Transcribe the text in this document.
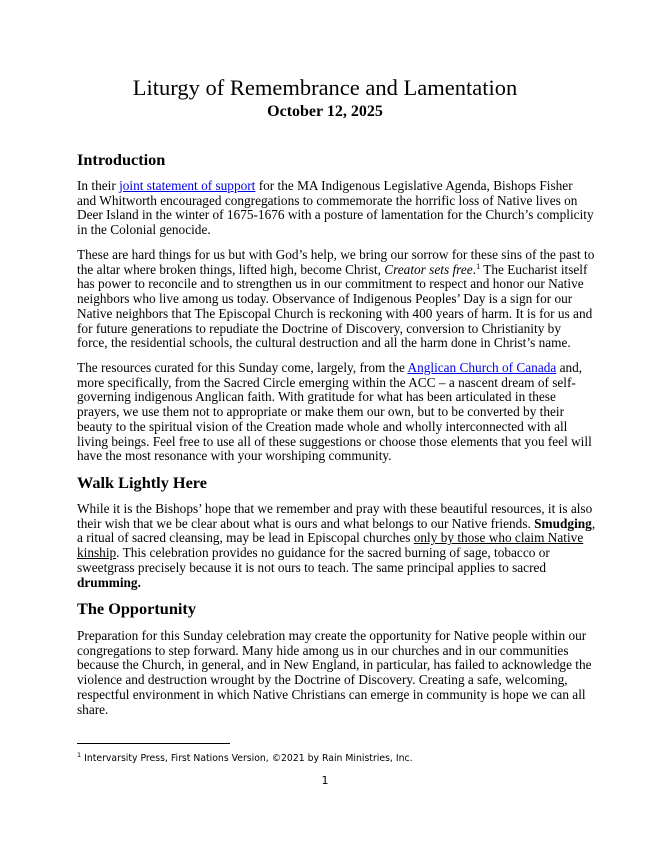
Liturgy of Remembrance and Lamentation
October 12, 2025
Introduction
In their joint statement of support for the MA Indigenous Legislative Agenda, Bishops Fisher
and Whitworth encouraged congregations to commemorate the horrific loss of Native lives on
Deer Island in the winter of 1675-1676 with a posture of lamentation for the Church’s complicity
in the Colonial genocide.
These are hard things for us but with God’s help, we bring our sorrow for these sins of the past to
the altar where broken things, lifted high, become Christ, Creator sets free.$^1$ The Eucharist itself
has power to reconcile and to strengthen us in our commitment to respect and honor our Native
neighbors who live among us today. Observance of Indigenous Peoples’ Day is a sign for our
Native neighbors that The Episcopal Church is reckoning with 400 years of harm. It is for us and
for future generations to repudiate the Doctrine of Discovery, conversion to Christianity by
force, the residential schools, the cultural destruction and all the harm done in Christ’s name.
The resources curated for this Sunday come, largely, from the Anglican Church of Canada and,
more specifically, from the Sacred Circle emerging within the ACC – a nascent dream of self-
governing indigenous Anglican faith. With gratitude for what has been articulated in these
prayers, we use them not to appropriate or make them our own, but to be converted by their
beauty to the spiritual vision of the Creation made whole and wholly interconnected with all
living beings. Feel free to use all of these suggestions or choose those elements that you feel will
have the most resonance with your worshiping community.
Walk Lightly Here
While it is the Bishops’ hope that we remember and pray with these beautiful resources, it is also
their wish that we be clear about what is ours and what belongs to our Native friends. Smudging,
a ritual of sacred cleansing, may be lead in Episcopal churches only by those who claim Native
kinship. This celebration provides no guidance for the sacred burning of sage, tobacco or
sweetgrass precisely because it is not ours to teach. The same principal applies to sacred
drumming.
The Opportunity
Preparation for this Sunday celebration may create the opportunity for Native people within our
congregations to step forward. Many hide among us in our churches and in our communities
because the Church, in general, and in New England, in particular, has failed to acknowledge the
violence and destruction wrought by the Doctrine of Discovery. Creating a safe, welcoming,
respectful environment in which Native Christians can emerge in community is hope we can all
share.
$^1$ Intervarsity Press, First Nations Version, ©2021 by Rain Ministries, Inc.
1
